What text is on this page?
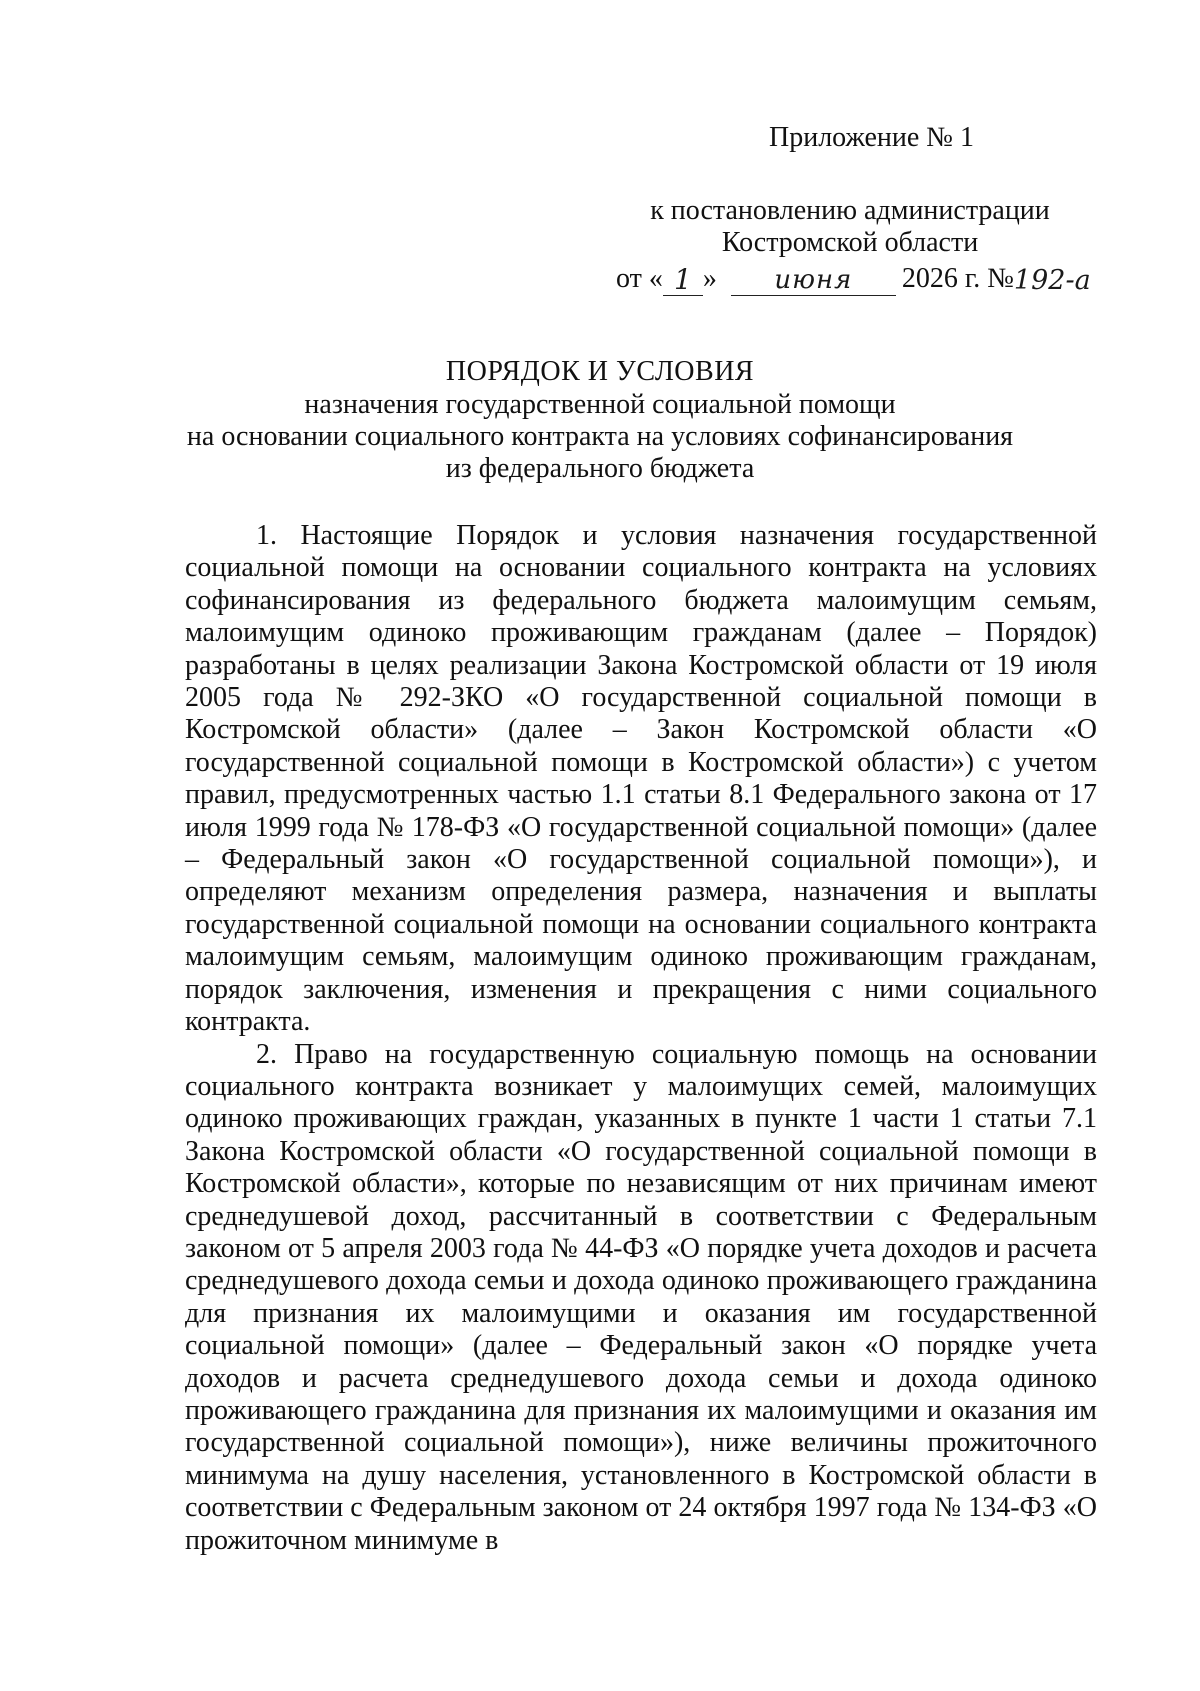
Приложение № 1
к постановлению администрации
Костромской области
от « 1 »	июня	2026 г. № 192-а
ПОРЯДОК И УСЛОВИЯ
назначения государственной социальной помощи
на основании социального контракта на условиях софинансирования
из федерального бюджета

1. Настоящие Порядок и условия назначения государственной социальной помощи на основании социального контракта на условиях софинансирования из федерального бюджета малоимущим семьям, малоимущим одиноко проживающим гражданам (далее – Порядок) разработаны в целях реализации Закона Костромской области от 19 июля 2005 года № 292-ЗКО «О государственной социальной помощи в Костромской области» (далее – Закон Костромской области «О государственной социальной помощи в Костромской области») с учетом правил, предусмотренных частью 1.1 статьи 8.1 Федерального закона от 17 июля 1999 года № 178-ФЗ «О государственной социальной помощи» (далее – Федеральный закон «О государственной социальной помощи»), и определяют механизм определения размера, назначения и выплаты государственной социальной помощи на основании социального контракта малоимущим семьям, малоимущим одиноко проживающим гражданам, порядок заключения, изменения и прекращения с ними социального контракта.

2. Право на государственную социальную помощь на основании социального контракта возникает у малоимущих семей, малоимущих одиноко проживающих граждан, указанных в пункте 1 части 1 статьи 7.1 Закона Костромской области «О государственной социальной помощи в Костромской области», которые по независящим от них причинам имеют среднедушевой доход, рассчитанный в соответствии с Федеральным законом от 5 апреля 2003 года № 44-ФЗ «О порядке учета доходов и расчета среднедушевого дохода семьи и дохода одиноко проживающего гражданина для признания их малоимущими и оказания им государственной социальной помощи» (далее – Федеральный закон «О порядке учета доходов и расчета среднедушевого дохода семьи и дохода одиноко проживающего гражданина для признания их малоимущими и оказания им государственной социальной помощи»), ниже величины прожиточного минимума на душу населения, установленного в Костромской области в соответствии с Федеральным законом от 24 октября 1997 года № 134-ФЗ «О прожиточном минимуме в
